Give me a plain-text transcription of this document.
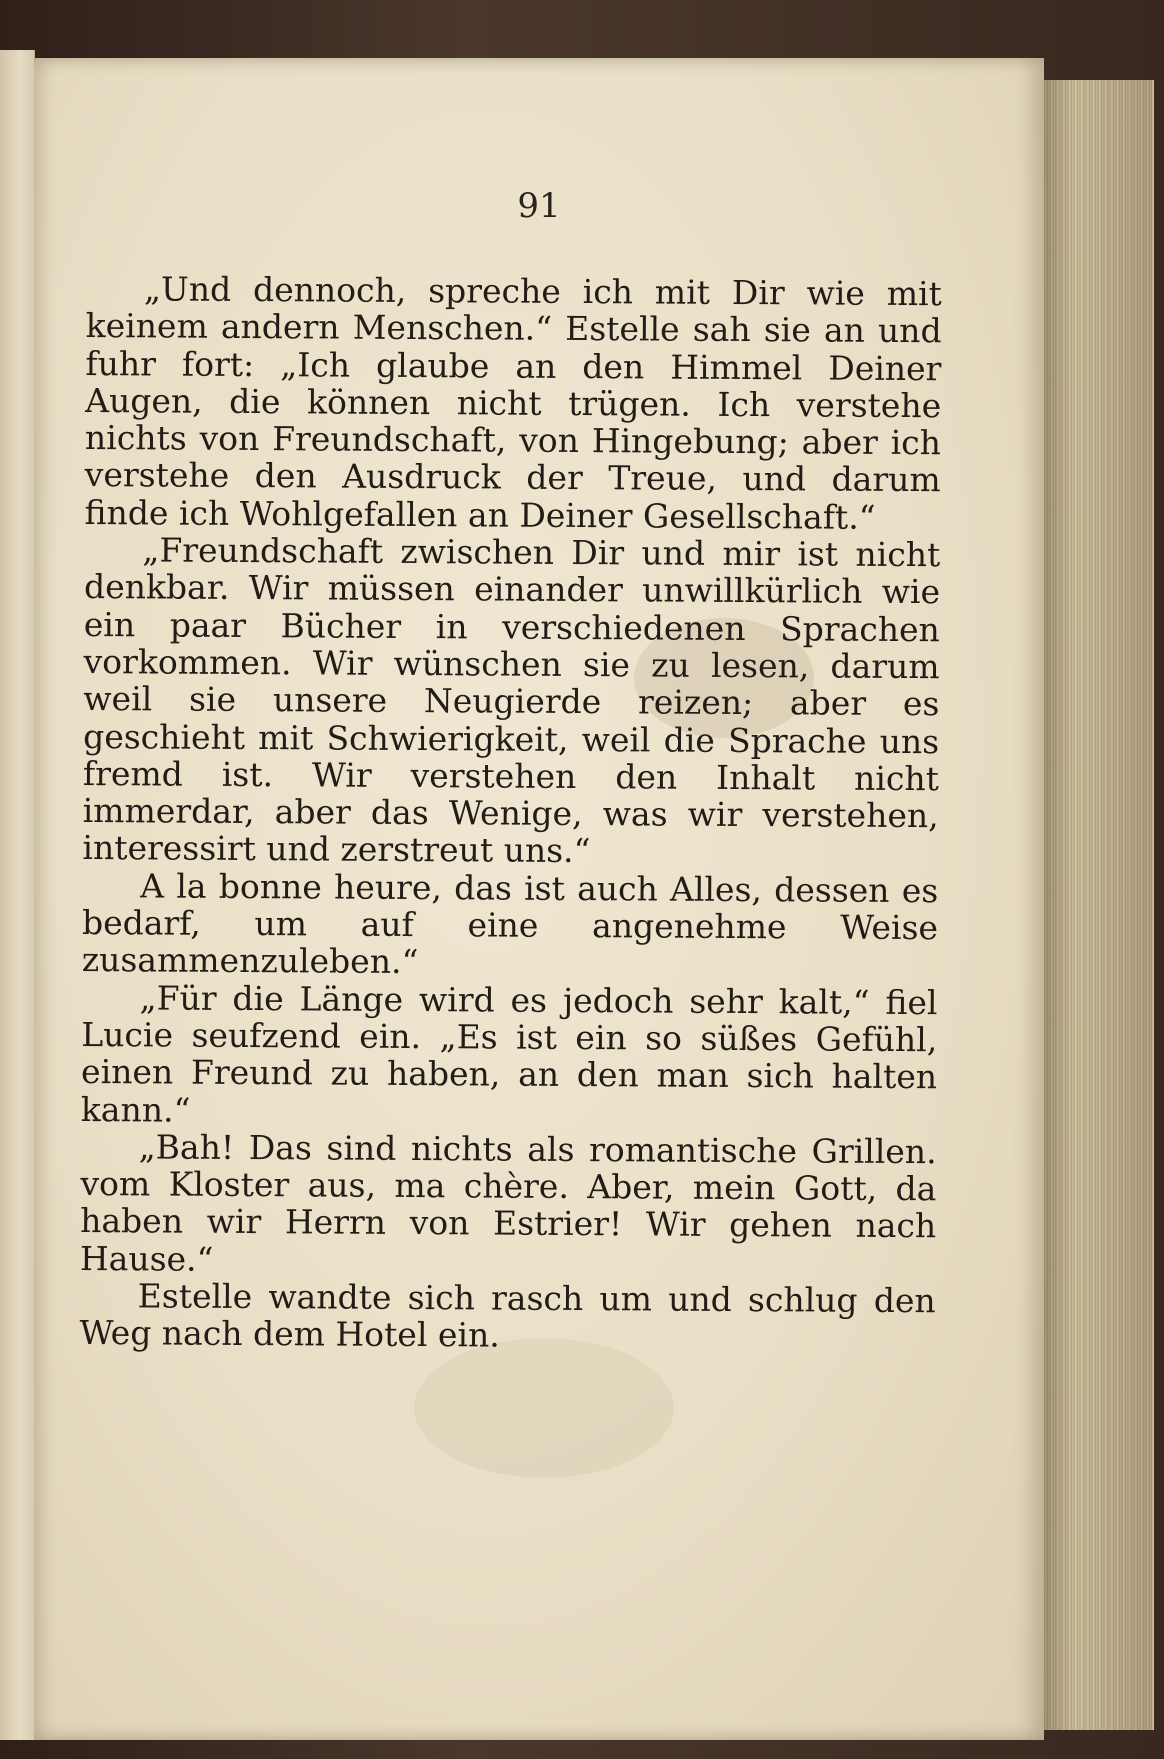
91

„Und dennoch, spreche ich mit Dir wie mit keinem andern Menschen.“ Estelle sah sie an und fuhr fort: „Ich glaube an den Himmel Deiner Augen, die können nicht trügen. Ich verstehe nichts von Freundschaft, von Hingebung; aber ich verstehe den Ausdruck der Treue, und darum finde ich Wohlgefallen an Deiner Gesellschaft.“

„Freundschaft zwischen Dir und mir ist nicht denkbar. Wir müssen einander unwillkürlich wie ein paar Bücher in verschiedenen Sprachen vorkommen. Wir wünschen sie zu lesen, darum weil sie unsere Neugierde reizen; aber es geschieht mit Schwierigkeit, weil die Sprache uns fremd ist. Wir verstehen den Inhalt nicht immerdar, aber das Wenige, was wir verstehen, interessirt und zerstreut uns.“

A la bonne heure, das ist auch Alles, dessen es bedarf, um auf eine angenehme Weise zusammenzuleben.“

„Für die Länge wird es jedoch sehr kalt,“ fiel Lucie seufzend ein. „Es ist ein so süßes Gefühl, einen Freund zu haben, an den man sich halten kann.“

„Bah! Das sind nichts als romantische Grillen. vom Kloster aus, ma chère. Aber, mein Gott, da haben wir Herrn von Estrier! Wir gehen nach Hause.“

Estelle wandte sich rasch um und schlug den Weg nach dem Hotel ein.
